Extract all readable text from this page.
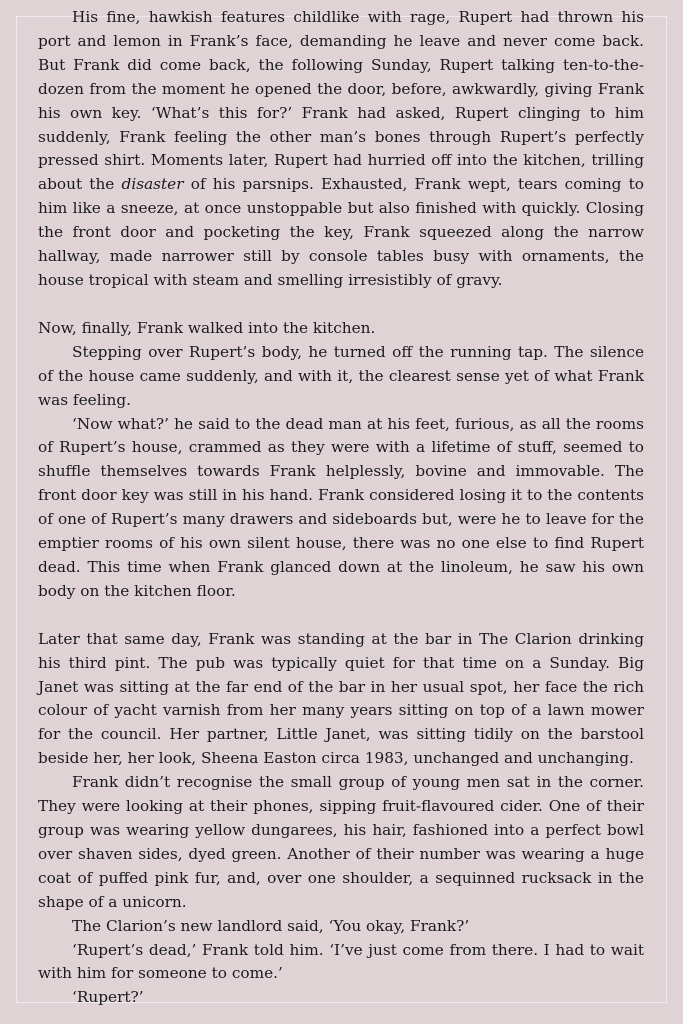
His fine, hawkish features childlike with rage, Rupert had thrown his port and lemon in Frank’s face, demanding he leave and never come back. But Frank did come back, the following Sunday, Rupert talking ten-to-the-dozen from the moment he opened the door, before, awkwardly, giving Frank his own key. ‘What’s this for?’ Frank had asked, Rupert clinging to him suddenly, Frank feeling the other man’s bones through Rupert’s perfectly pressed shirt. Moments later, Rupert had hurried off into the kitchen, trilling about the disaster of his parsnips. Exhausted, Frank wept, tears coming to him like a sneeze, at once unstoppable but also finished with quickly. Closing the front door and pocketing the key, Frank squeezed along the narrow hallway, made narrower still by console tables busy with ornaments, the house tropical with steam and smelling irresistibly of gravy.

Now, finally, Frank walked into the kitchen.

Stepping over Rupert’s body, he turned off the running tap. The silence of the house came suddenly, and with it, the clearest sense yet of what Frank was feeling.

‘Now what?’ he said to the dead man at his feet, furious, as all the rooms of Rupert’s house, crammed as they were with a lifetime of stuff, seemed to shuffle themselves towards Frank helplessly, bovine and immovable. The front door key was still in his hand. Frank considered losing it to the contents of one of Rupert’s many drawers and sideboards but, were he to leave for the emptier rooms of his own silent house, there was no one else to find Rupert dead. This time when Frank glanced down at the linoleum, he saw his own body on the kitchen floor.

Later that same day, Frank was standing at the bar in The Clarion drinking his third pint. The pub was typically quiet for that time on a Sunday. Big Janet was sitting at the far end of the bar in her usual spot, her face the rich colour of yacht varnish from her many years sitting on top of a lawn mower for the council. Her partner, Little Janet, was sitting tidily on the barstool beside her, her look, Sheena Easton circa 1983, unchanged and unchanging.

Frank didn’t recognise the small group of young men sat in the corner. They were looking at their phones, sipping fruit-flavoured cider. One of their group was wearing yellow dungarees, his hair, fashioned into a perfect bowl over shaven sides, dyed green. Another of their number was wearing a huge coat of puffed pink fur, and, over one shoulder, a sequinned rucksack in the shape of a unicorn.

The Clarion’s new landlord said, ‘You okay, Frank?’

‘Rupert’s dead,’ Frank told him. ‘I’ve just come from there. I had to wait with him for someone to come.’

‘Rupert?’
